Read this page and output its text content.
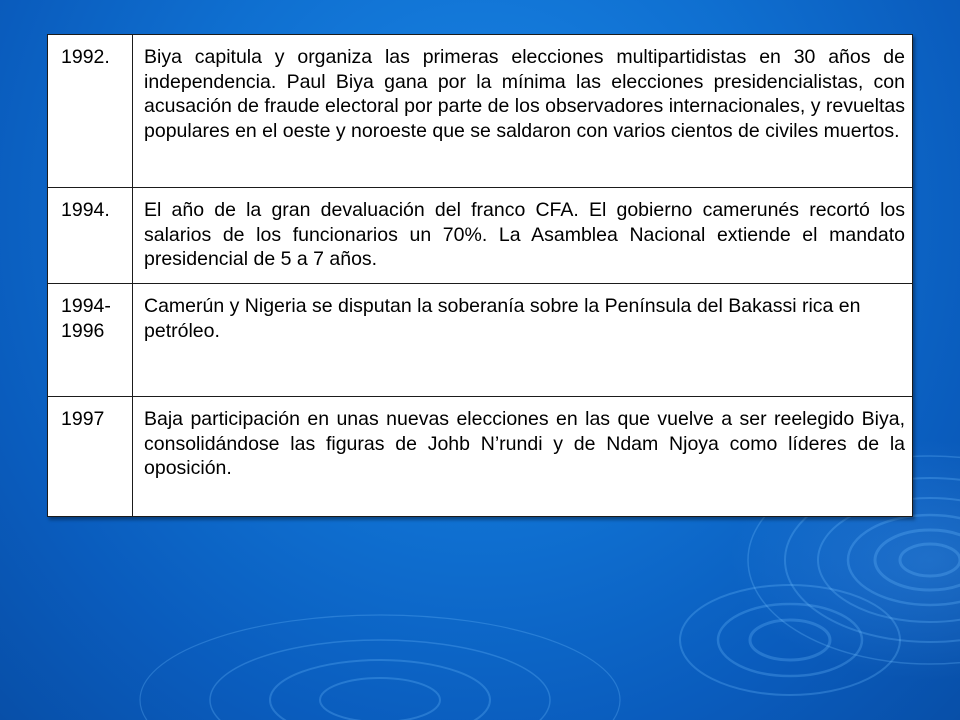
1992.	Biya capitula y organiza las primeras elecciones multipartidistas en 30 años de independencia. Paul Biya gana por la mínima las elecciones presidencialistas, con acusación de fraude electoral por parte de los observadores internacionales, y revueltas populares en el oeste y noroeste que se saldaron con varios cientos de civiles muertos.
1994.	El año de la gran devaluación del franco CFA. El gobierno camerunés recortó los salarios de los funcionarios un 70%. La Asamblea Nacional extiende el mandato presidencial de 5 a 7 años.
1994-1996	Camerún y Nigeria se disputan la soberanía sobre la Península del Bakassi rica en petróleo.
1997	Baja participación en unas nuevas elecciones en las que vuelve a ser reelegido Biya, consolidándose las figuras de Johb N’rundi y de Ndam Njoya como líderes de la oposición.
